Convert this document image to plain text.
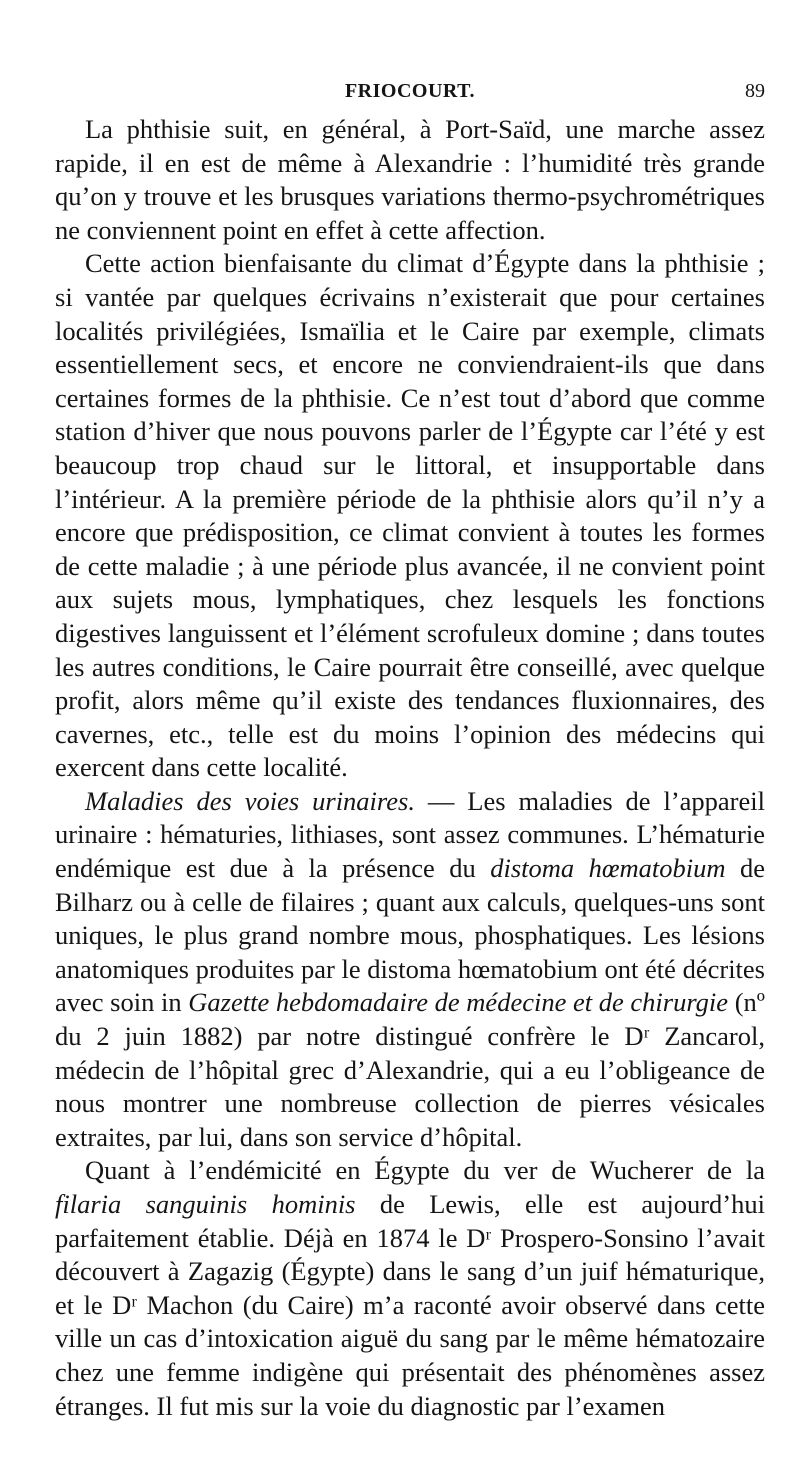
FRIOCOURT.	89

La phthisie suit, en général, à Port-Saïd, une marche assez rapide, il en est de même à Alexandrie : l’humidité très grande qu’on y trouve et les brusques variations thermo-psychrométriques ne conviennent point en effet à cette affection.

Cette action bienfaisante du climat d’Égypte dans la phthisie ; si vantée par quelques écrivains n’existerait que pour certaines localités privilégiées, Ismaïlia et le Caire par exemple, climats essentiellement secs, et encore ne conviendraient-ils que dans certaines formes de la phthisie. Ce n’est tout d’abord que comme station d’hiver que nous pouvons parler de l’Égypte car l’été y est beaucoup trop chaud sur le littoral, et insupportable dans l’intérieur. A la première période de la phthisie alors qu’il n’y a encore que prédisposition, ce climat convient à toutes les formes de cette maladie ; à une période plus avancée, il ne convient point aux sujets mous, lymphatiques, chez lesquels les fonctions digestives languissent et l’élément scrofuleux domine ; dans toutes les autres conditions, le Caire pourrait être conseillé, avec quelque profit, alors même qu’il existe des tendances fluxionnaires, des cavernes, etc., telle est du moins l’opinion des médecins qui exercent dans cette localité.

Maladies des voies urinaires. — Les maladies de l’appareil urinaire : hématuries, lithiases, sont assez communes. L’hématurie endémique est due à la présence du distoma hœmatobium de Bilharz ou à celle de filaires ; quant aux calculs, quelques-uns sont uniques, le plus grand nombre mous, phosphatiques. Les lésions anatomiques produites par le distoma hœmatobium ont été décrites avec soin in Gazette hebdomadaire de médecine et de chirurgie (nº du 2 juin 1882) par notre distingué confrère le Dʳ Zancarol, médecin de l’hôpital grec d’Alexandrie, qui a eu l’obligeance de nous montrer une nombreuse collection de pierres vésicales extraites, par lui, dans son service d’hôpital.

Quant à l’endémicité en Égypte du ver de Wucherer de la filaria sanguinis hominis de Lewis, elle est aujourd’hui parfaitement établie. Déjà en 1874 le Dʳ Prospero-Sonsino l’avait découvert à Zagazig (Égypte) dans le sang d’un juif hématurique, et le Dʳ Machon (du Caire) m’a raconté avoir observé dans cette ville un cas d’intoxication aiguë du sang par le même hématozaire chez une femme indigène qui présentait des phénomènes assez étranges. Il fut mis sur la voie du diagnostic par l’examen
